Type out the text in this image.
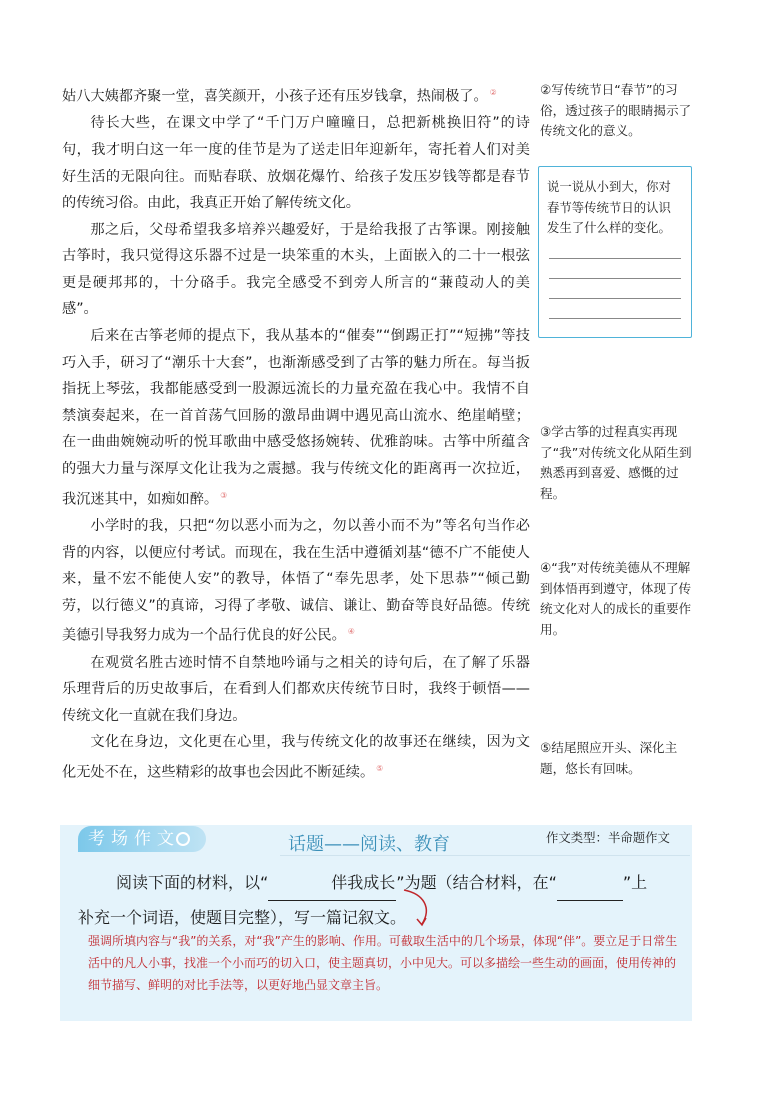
姑八大姨都齐聚一堂，喜笑颜开，小孩子还有压岁钱拿，热闹极了。 ②

待长大些，在课文中学了“千门万户曈曈日，总把新桃换旧符”的诗句，我才明白这一年一度的佳节是为了送走旧年迎新年，寄托着人们对美好生活的无限向往。而贴春联、放烟花爆竹、给孩子发压岁钱等都是春节的传统习俗。由此，我真正开始了解传统文化。

那之后，父母希望我多培养兴趣爱好，于是给我报了古筝课。刚接触古筝时，我只觉得这乐器不过是一块笨重的木头，上面嵌入的二十一根弦更是硬邦邦的，十分硌手。我完全感受不到旁人所言的“蒹葭动人的美感”。

后来在古筝老师的提点下，我从基本的“催奏”“倒踢正打”“短拂”等技巧入手，研习了“潮乐十大套”，也渐渐感受到了古筝的魅力所在。每当扳指抚上琴弦，我都能感受到一股源远流长的力量充盈在我心中。我情不自禁演奏起来，在一首首荡气回肠的激昂曲调中遇见高山流水、绝崖峭壁；在一曲曲婉婉动听的悦耳歌曲中感受悠扬婉转、优雅韵味。古筝中所蕴含的强大力量与深厚文化让我为之震撼。我与传统文化的距离再一次拉近，我沉迷其中，如痴如醉。 ③

小学时的我，只把“勿以恶小而为之，勿以善小而不为”等名句当作必背的内容，以便应付考试。而现在，我在生活中遵循刘基“德不广不能使人来，量不宏不能使人安”的教导，体悟了“奉先思孝，处下思恭”“倾己勤劳，以行德义”的真谛，习得了孝敬、诚信、谦让、勤奋等良好品德。传统美德引导我努力成为一个品行优良的好公民。 ④

在观赏名胜古迹时情不自禁地吟诵与之相关的诗句后，在了解了乐器乐理背后的历史故事后，在看到人们都欢庆传统节日时，我终于顿悟——传统文化一直就在我们身边。

文化在身边，文化更在心里，我与传统文化的故事还在继续，因为文化无处不在，这些精彩的故事也会因此不断延续。 ⑤

②写传统节日“春节”的习俗，透过孩子的眼睛揭示了传统文化的意义。
说一说从小到大，你对春节等传统节日的认识发生了什么样的变化。
③学古筝的过程真实再现了“我”对传统文化从陌生到熟悉再到喜爱、感慨的过程。
④“我”对传统美德从不理解到体悟再到遵守，体现了传统文化对人的成长的重要作用。
⑤结尾照应开头、深化主题，悠长有回味。
考场作文	话题——阅读、教育	作文类型：半命题作文
阅读下面的材料，以“	伴我成长”为题（结合材料，在“	”上
补充一个词语，使题目完整），写一篇记叙文。
强调所填内容与“我”的关系，对“我”产生的影响、作用。可截取生活中的几个场景，体现“伴”。要立足于日常生活中的凡人小事，找准一个小而巧的切入口，使主题真切，小中见大。可以多描绘一些生动的画面，使用传神的细节描写、鲜明的对比手法等，以更好地凸显文章主旨。
